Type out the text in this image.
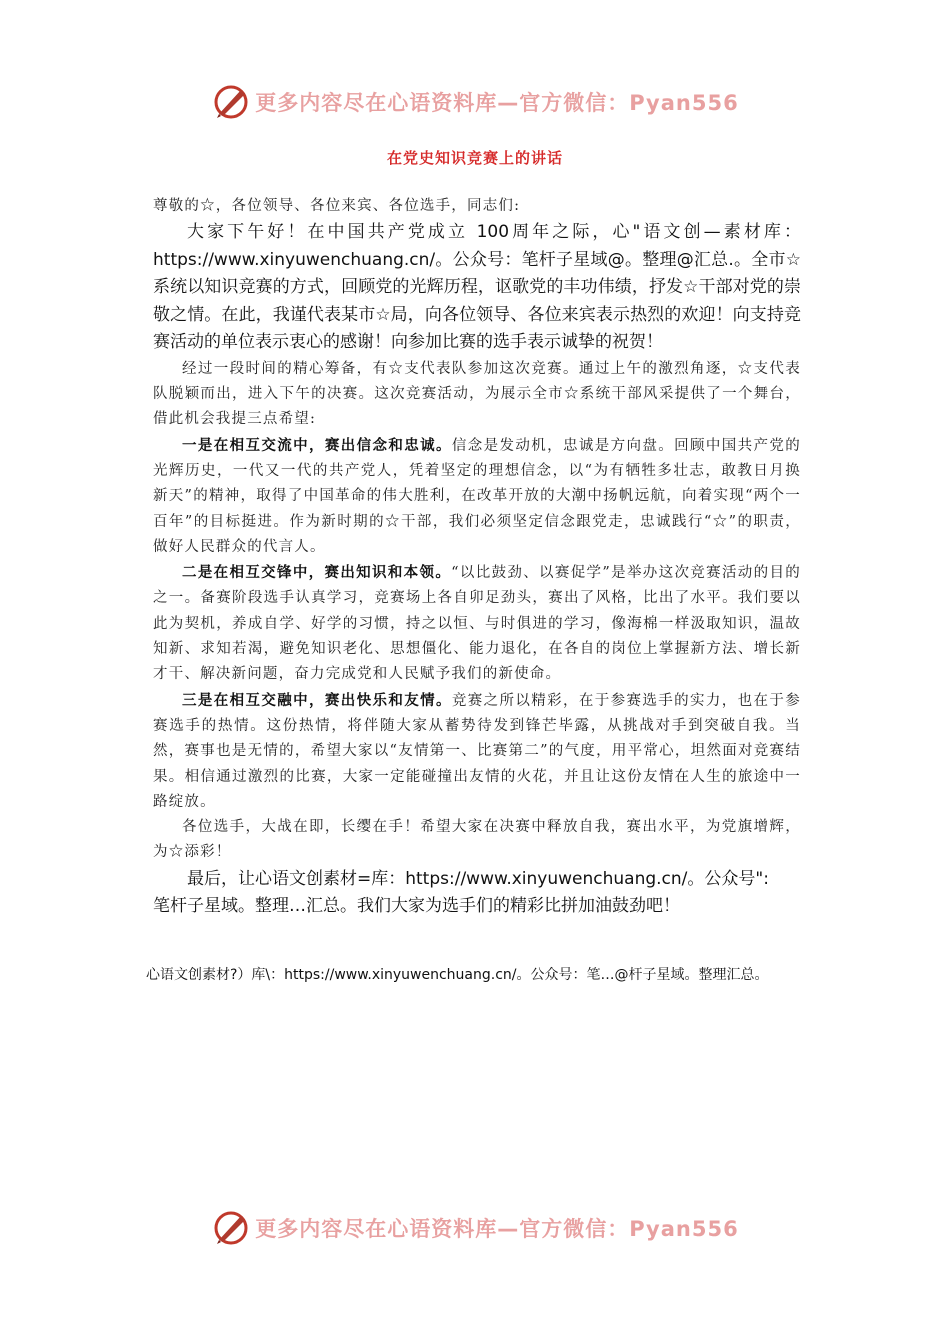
更多内容尽在心语资料库—官方微信：Pyan556
在党史知识竞赛上的讲话

尊敬的☆，各位领导、各位来宾、各位选手，同志们:

大家下午好！在中国共产党成立 100周年之际，心"语文创—素材库：https://www.xinyuwenchuang.cn/。公众号：笔杆子星域@。整理@汇总.。全市☆系统以知识竞赛的方式，回顾党的光辉历程，讴歌党的丰功伟绩，抒发☆干部对党的崇敬之情。在此，我谨代表某市☆局，向各位领导、各位来宾表示热烈的欢迎！向支持竞赛活动的单位表示衷心的感谢！向参加比赛的选手表示诚挚的祝贺！

经过一段时间的精心筹备，有☆支代表队参加这次竞赛。通过上午的激烈角逐，☆支代表队脱颖而出，进入下午的决赛。这次竞赛活动，为展示全市☆系统干部风采提供了一个舞台，借此机会我提三点希望:

一是在相互交流中，赛出信念和忠诚。信念是发动机，忠诚是方向盘。回顾中国共产党的光辉历史，一代又一代的共产党人，凭着坚定的理想信念，以“为有牺牲多壮志，敢教日月换新天”的精神，取得了中国革命的伟大胜利，在改革开放的大潮中扬帆远航，向着实现“两个一百年”的目标挺进。作为新时期的☆干部，我们必须坚定信念跟党走，忠诚践行“☆”的职责，做好人民群众的代言人。

二是在相互交锋中，赛出知识和本领。“以比鼓劲、以赛促学”是举办这次竞赛活动的目的之一。备赛阶段选手认真学习，竞赛场上各自卯足劲头，赛出了风格，比出了水平。我们要以此为契机，养成自学、好学的习惯，持之以恒、与时俱进的学习，像海棉一样汲取知识，温故知新、求知若渴，避免知识老化、思想僵化、能力退化，在各自的岗位上掌握新方法、增长新才干、解决新问题，奋力完成党和人民赋予我们的新使命。

三是在相互交融中，赛出快乐和友情。竞赛之所以精彩，在于参赛选手的实力，也在于参赛选手的热情。这份热情，将伴随大家从蓄势待发到锋芒毕露，从挑战对手到突破自我。当然，赛事也是无情的，希望大家以“友情第一、比赛第二”的气度，用平常心，坦然面对竞赛结果。相信通过激烈的比赛，大家一定能碰撞出友情的火花，并且让这份友情在人生的旅途中一路绽放。

各位选手，大战在即，长缨在手！希望大家在决赛中释放自我，赛出水平，为党旗增辉，为☆添彩！

最后，让心语文创素材=库：https://www.xinyuwenchuang.cn/。公众号":

笔杆子星域。整理…汇总。我们大家为选手们的精彩比拼加油鼓劲吧！

心语文创素材?）库\：https://www.xinyuwenchuang.cn/。公众号：笔…@杆子星域。整理汇总。
更多内容尽在心语资料库—官方微信：Pyan556
